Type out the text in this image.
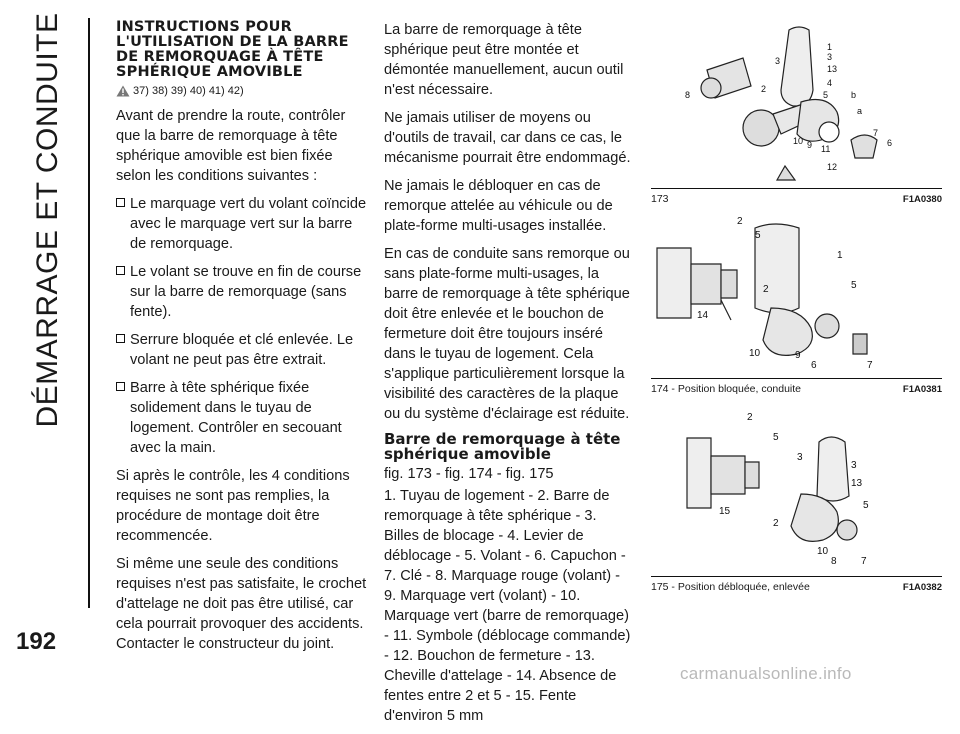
DÉMARRAGE ET CONDUITE
192
INSTRUCTIONS POUR L'UTILISATION DE LA BARRE DE REMORQUAGE À TÊTE SPHÉRIQUE AMOVIBLE
37) 38) 39) 40) 41) 42)

Avant de prendre la route, contrôler que la barre de remorquage à tête sphérique amovible est bien fixée selon les conditions suivantes :

Le marquage vert du volant coïncide avec le marquage vert sur la barre de remorquage.
Le volant se trouve en fin de course sur la barre de remorquage (sans fente).
Serrure bloquée et clé enlevée. Le volant ne peut pas être extrait.
Barre à tête sphérique fixée solidement dans le tuyau de logement. Contrôler en secouant avec la main.

Si après le contrôle, les 4 conditions requises ne sont pas remplies, la procédure de montage doit être recommencée.

Si même une seule des conditions requises n'est pas satisfaite, le crochet d'attelage ne doit pas être utilisé, car cela pourrait provoquer des accidents. Contacter le constructeur du joint.

La barre de remorquage à tête sphérique peut être montée et démontée manuellement, aucun outil n'est nécessaire.

Ne jamais utiliser de moyens ou d'outils de travail, car dans ce cas, le mécanisme pourrait être endommagé.

Ne jamais le débloquer en cas de remorque attelée au véhicule ou de plate-forme multi-usages installée.

En cas de conduite sans remorque ou sans plate-forme multi-usages, la barre de remorquage à tête sphérique doit être enlevée et le bouchon de fermeture doit être toujours inséré dans le tuyau de logement. Cela s'applique particulièrement lorsque la visibilité des caractères de la plaque ou du système d'éclairage est réduite.

Barre de remorquage à tête sphérique amovible

fig. 173 - fig. 174 - fig. 175

1. Tuyau de logement - 2. Barre de remorquage à tête sphérique - 3. Billes de blocage - 4. Levier de déblocage - 5. Volant - 6. Capuchon - 7. Clé - 8. Marquage rouge (volant) - 9. Marquage vert (volant) - 10. Marquage vert (barre de remorquage) - 11. Symbole (déblocage commande) - 12. Bouchon de fermeture - 13. Cheville d'attelage - 14. Absence de fentes entre 2 et 5 - 15. Fente d'environ 5 mm

1
3
13
4
5	b
a
7
6
12
11
9
10
2
3
8
173	F1A0380
2
5
1
5
2
14
10	9
6	7
174 - Position bloquée, conduite	F1A0381
2
5
3
3
13
5
15
2
10
8 7
175 - Position débloquée, enlevée	F1A0382
carmanualsonline.info
